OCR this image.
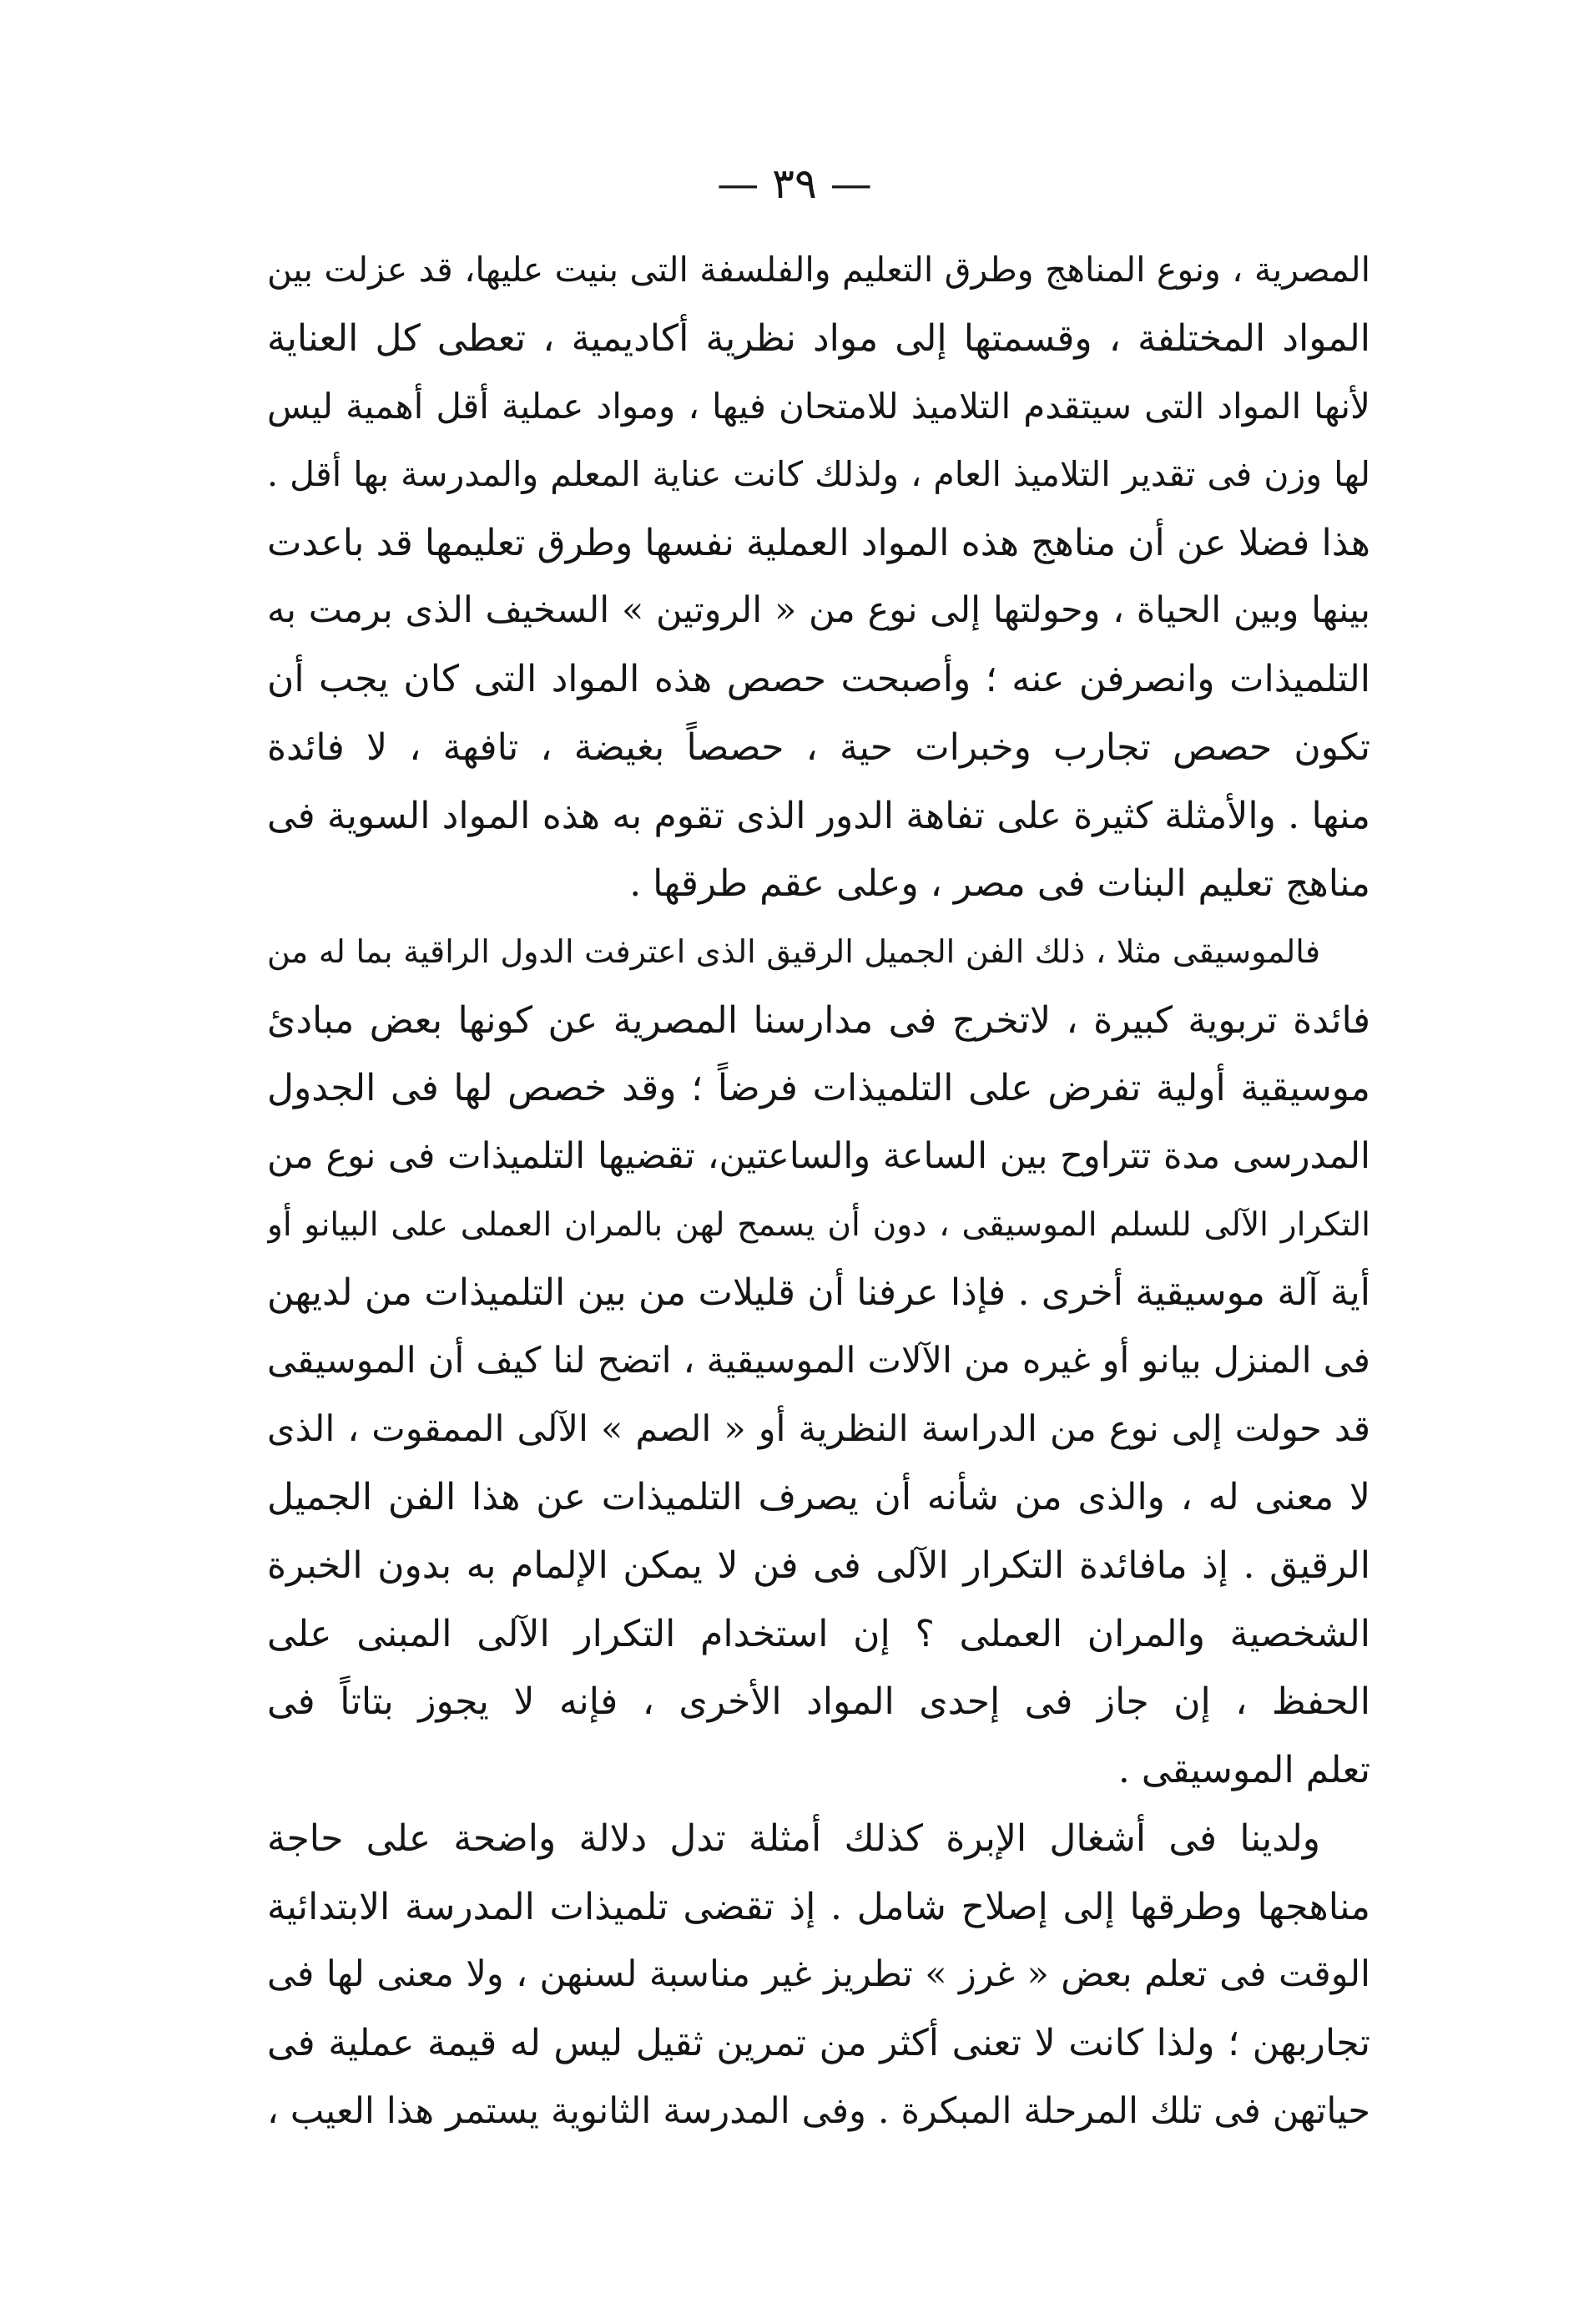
— ٣٩ —
المصرية ، ونوع المناهج وطرق التعليم والفلسفة التى بنيت عليها، قد عزلت بين
المواد المختلفة ، وقسمتها إلى مواد نظرية أكاديمية ، تعطى كل العناية
لأنها المواد التى سيتقدم التلاميذ للامتحان فيها ، ومواد عملية أقل أهمية ليس
لها وزن فى تقدير التلاميذ العام ، ولذلك كانت عناية المعلم والمدرسة بها أقل .
هذا فضلا عن أن مناهج هذه المواد العملية نفسها وطرق تعليمها قد باعدت
بينها وبين الحياة ، وحولتها إلى نوع من « الروتين » السخيف الذى برمت به
التلميذات وانصرفن عنه ؛ وأصبحت حصص هذه المواد التى كان يجب أن
تكون حصص تجارب وخبرات حية ، حصصاً بغيضة ، تافهة ، لا فائدة
منها . والأمثلة كثيرة على تفاهة الدور الذى تقوم به هذه المواد السوية فى
مناهج تعليم البنات فى مصر ، وعلى عقم طرقها .
فالموسيقى مثلا ، ذلك الفن الجميل الرقيق الذى اعترفت الدول الراقية بما له من
فائدة تربوية كبيرة ، لاتخرج فى مدارسنا المصرية عن كونها بعض مبادئ
موسيقية أولية تفرض على التلميذات فرضاً ؛ وقد خصص لها فى الجدول
المدرسى مدة تتراوح بين الساعة والساعتين، تقضيها التلميذات فى نوع من
التكرار الآلى للسلم الموسيقى ، دون أن يسمح لهن بالمران العملى على البيانو أو
أية آلة موسيقية أخرى . فإذا عرفنا أن قليلات من بين التلميذات من لديهن
فى المنزل بيانو أو غيره من الآلات الموسيقية ، اتضح لنا كيف أن الموسيقى
قد حولت إلى نوع من الدراسة النظرية أو « الصم » الآلى الممقوت ، الذى
لا معنى له ، والذى من شأنه أن يصرف التلميذات عن هذا الفن الجميل
الرقيق . إذ مافائدة التكرار الآلى فى فن لا يمكن الإلمام به بدون الخبرة
الشخصية والمران العملى ؟ إن استخدام التكرار الآلى المبنى على
الحفظ ، إن جاز فى إحدى المواد الأخرى ، فإنه لا يجوز بتاتاً فى
تعلم الموسيقى .
ولدينا فى أشغال الإبرة كذلك أمثلة تدل دلالة واضحة على حاجة
مناهجها وطرقها إلى إصلاح شامل . إذ تقضى تلميذات المدرسة الابتدائية
الوقت فى تعلم بعض « غرز » تطريز غير مناسبة لسنهن ، ولا معنى لها فى
تجاربهن ؛ ولذا كانت لا تعنى أكثر من تمرين ثقيل ليس له قيمة عملية فى
حياتهن فى تلك المرحلة المبكرة . وفى المدرسة الثانوية يستمر هذا العيب ،
